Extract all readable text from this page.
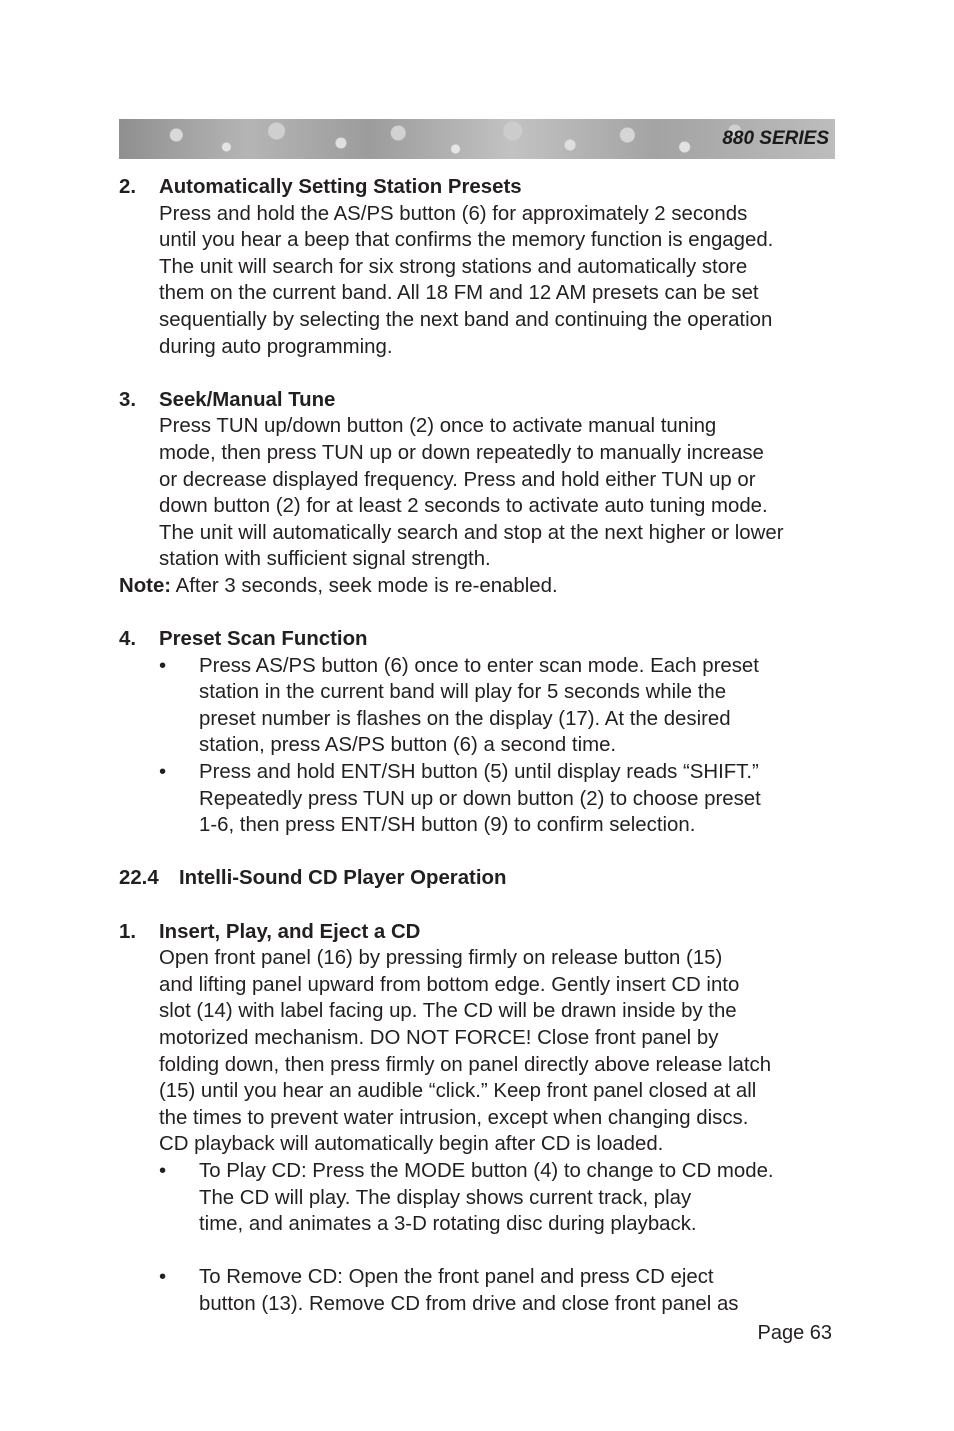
880 SERIES
2. Automatically Setting Station Presets

Press and hold the AS/PS button (6) for approximately 2 seconds

until you hear a beep that confirms the memory function is engaged.

The unit will search for six strong stations and automatically store

them on the current band. All 18 FM and 12 AM presets can be set

sequentially by selecting the next band and continuing the operation

during auto programming.

3. Seek/Manual Tune

Press TUN up/down button (2) once to activate manual tuning

mode, then press TUN up or down repeatedly to manually increase

or decrease displayed frequency. Press and hold either TUN up or

down button (2) for at least 2 seconds to activate auto tuning mode.

The unit will automatically search and stop at the next higher or lower

station with sufficient signal strength.

Note: After 3 seconds, seek mode is re-enabled.

4. Preset Scan Function

• Press AS/PS button (6) once to enter scan mode. Each preset

station in the current band will play for 5 seconds while the

preset number is flashes on the display (17). At the desired

station, press AS/PS button (6) a second time.

• Press and hold ENT/SH button (5) until display reads “SHIFT.”

Repeatedly press TUN up or down button (2) to choose preset

1-6, then press ENT/SH button (9) to confirm selection.

22.4 Intelli-Sound CD Player Operation

1. Insert, Play, and Eject a CD

Open front panel (16) by pressing firmly on release button (15)

and lifting panel upward from bottom edge. Gently insert CD into

slot (14) with label facing up. The CD will be drawn inside by the

motorized mechanism. DO NOT FORCE! Close front panel by

folding down, then press firmly on panel directly above release latch

(15) until you hear an audible “click.” Keep front panel closed at all

the times to prevent water intrusion, except when changing discs.

CD playback will automatically begin after CD is loaded.

• To Play CD: Press the MODE button (4) to change to CD mode.

The CD will play. The display shows current track, play

time, and animates a 3-D rotating disc during playback.

• To Remove CD: Open the front panel and press CD eject

button (13). Remove CD from drive and close front panel as

Page 63
